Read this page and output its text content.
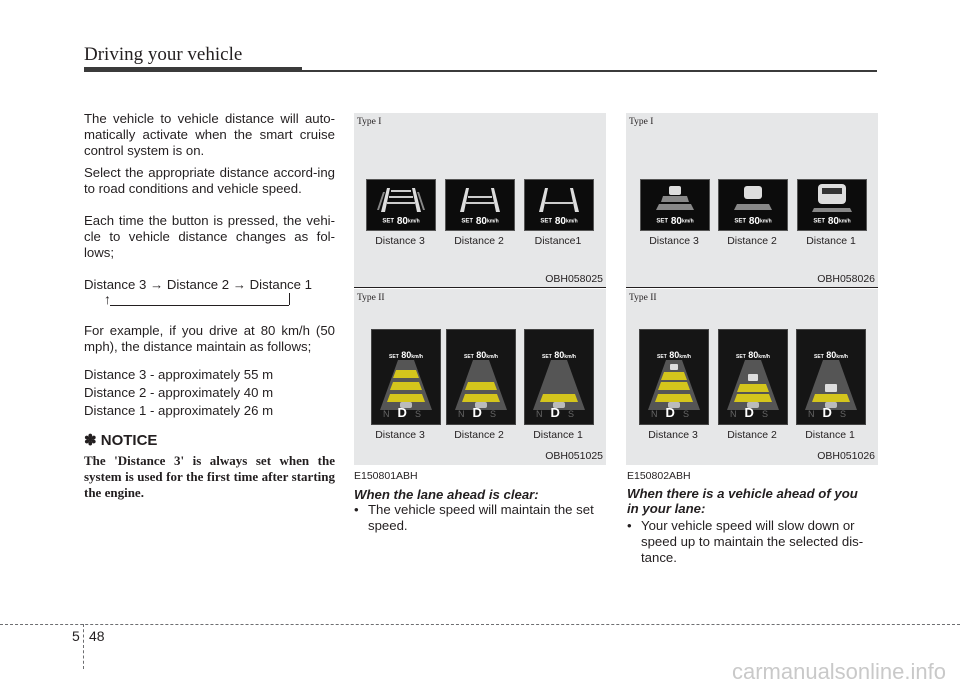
Driving your vehicle

The vehicle to vehicle distance will auto-matically activate when the smart cruise control system is on.

Select the appropriate distance accord-ing to road conditions and vehicle speed.

Each time the button is pressed, the vehi-cle to vehicle distance changes as fol-lows;

Distance 3 → Distance 2 → Distance 1

↑

For example, if you drive at 80 km/h (50 mph), the distance maintain as follows;

Distance 3 - approximately 55 m

Distance 2 - approximately 40 m

Distance 1 - approximately 26 m

✽ NOTICE
The 'Distance 3' is always set when the system is used for the first time after starting the engine.
Type I
SET 80km/h	SET 80km/h	SET 80km/h
Distance 3	Distance 2	Distance1
OBH058025
Type II
SET 80km/h
NDS
SET 80km/h
NDS
SET 80km/h
NDS
Distance 3	Distance 2	Distance 1
OBH051025
E150801ABH
When the lane ahead is clear:
• The vehicle speed will maintain the set speed.
Type I
SET 80km/h	SET 80km/h	SET 80km/h
Distance 3	Distance 2	Distance 1
OBH058026
Type II
SET 80km/h
NDS
SET 80km/h
NDS
SET 80km/h
NDS
Distance 3	Distance 2	Distance 1
OBH051026
E150802ABH
When there is a vehicle ahead of you in your lane:
• Your vehicle speed will slow down or speed up to maintain the selected dis-tance.
5 48
carmanualsonline.info
